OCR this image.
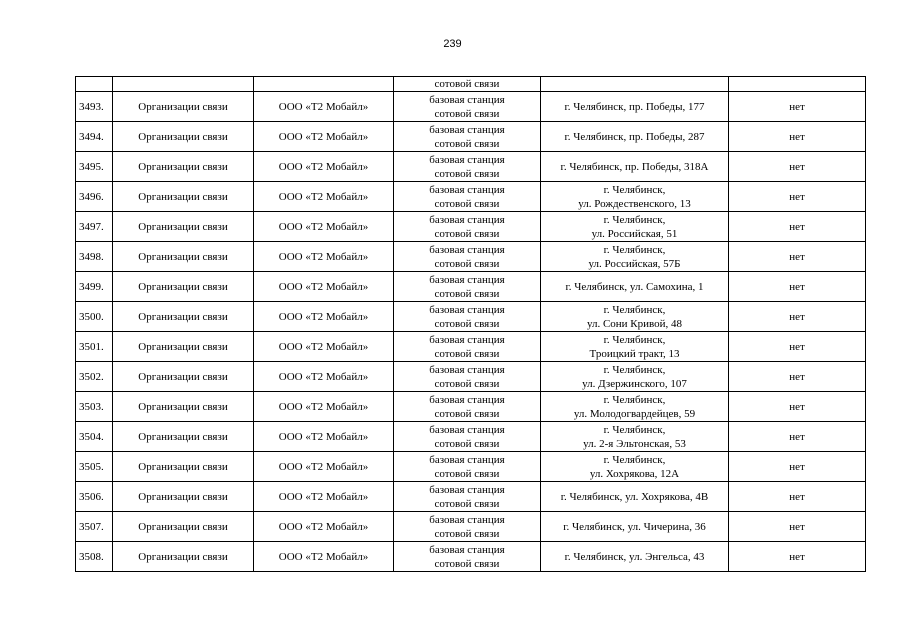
239
			сотовой связи		
3493.	Организации связи	ООО «Т2 Мобайл»	базовая станция
сотовой связи	г. Челябинск, пр. Победы, 177	нет
3494.	Организации связи	ООО «Т2 Мобайл»	базовая станция
сотовой связи	г. Челябинск, пр. Победы, 287	нет
3495.	Организации связи	ООО «Т2 Мобайл»	базовая станция
сотовой связи	г. Челябинск, пр. Победы, 318А	нет
3496.	Организации связи	ООО «Т2 Мобайл»	базовая станция
сотовой связи	г. Челябинск,
ул. Рождественского, 13	нет
3497.	Организации связи	ООО «Т2 Мобайл»	базовая станция
сотовой связи	г. Челябинск,
ул. Российская, 51	нет
3498.	Организации связи	ООО «Т2 Мобайл»	базовая станция
сотовой связи	г. Челябинск,
ул. Российская, 57Б	нет
3499.	Организации связи	ООО «Т2 Мобайл»	базовая станция
сотовой связи	г. Челябинск, ул. Самохина, 1	нет
3500.	Организации связи	ООО «Т2 Мобайл»	базовая станция
сотовой связи	г. Челябинск,
ул. Сони Кривой, 48	нет
3501.	Организации связи	ООО «Т2 Мобайл»	базовая станция
сотовой связи	г. Челябинск,
Троицкий тракт, 13	нет
3502.	Организации связи	ООО «Т2 Мобайл»	базовая станция
сотовой связи	г. Челябинск,
ул. Дзержинского, 107	нет
3503.	Организации связи	ООО «Т2 Мобайл»	базовая станция
сотовой связи	г. Челябинск,
ул. Молодогвардейцев, 59	нет
3504.	Организации связи	ООО «Т2 Мобайл»	базовая станция
сотовой связи	г. Челябинск,
ул. 2-я Эльтонская, 53	нет
3505.	Организации связи	ООО «Т2 Мобайл»	базовая станция
сотовой связи	г. Челябинск,
ул. Хохрякова, 12А	нет
3506.	Организации связи	ООО «Т2 Мобайл»	базовая станция
сотовой связи	г. Челябинск, ул. Хохрякова, 4В	нет
3507.	Организации связи	ООО «Т2 Мобайл»	базовая станция
сотовой связи	г. Челябинск, ул. Чичерина, 36	нет
3508.	Организации связи	ООО «Т2 Мобайл»	базовая станция
сотовой связи	г. Челябинск, ул. Энгельса, 43	нет
